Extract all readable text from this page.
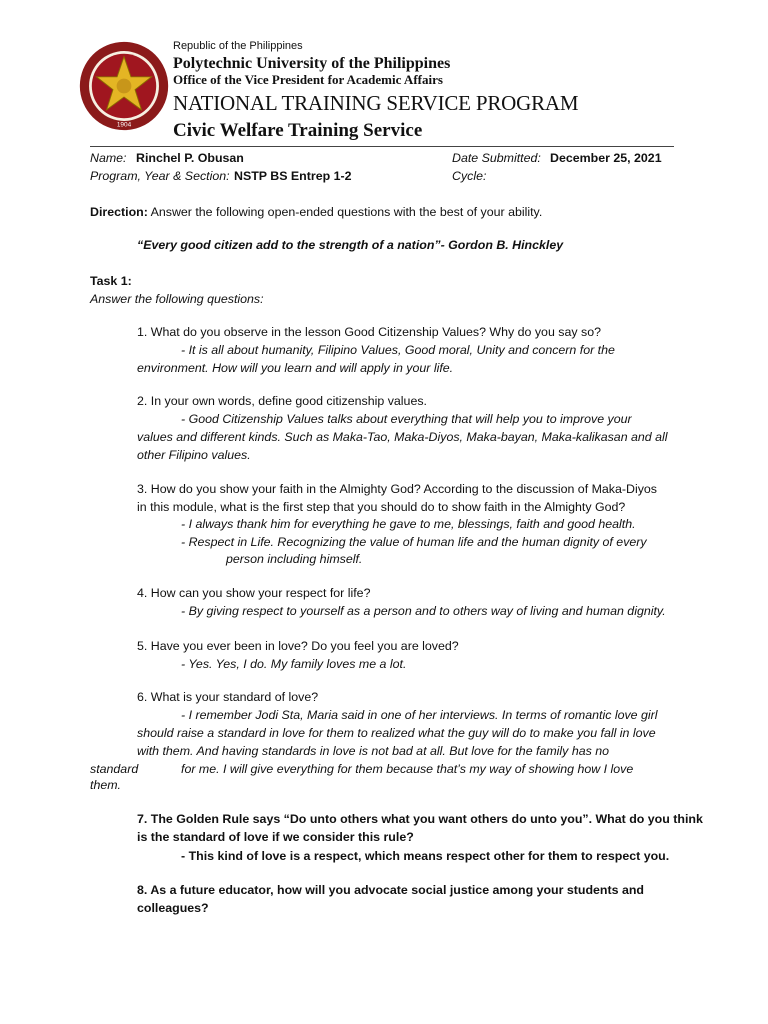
1904
Republic of the Philippines
Polytechnic University of the Philippines
Office of the Vice President for Academic Affairs
NATIONAL TRAINING SERVICE PROGRAM
Civic Welfare Training Service
Name: Rinchel P. Obusan	Date Submitted: December 25, 2021
Program, Year & Section: NSTP BS Entrep 1-2	Cycle:
Direction: Answer the following open-ended questions with the best of your ability.
“Every good citizen add to the strength of a nation”- Gordon B. Hinckley
Task 1:
Answer the following questions:
1. What do you observe in the lesson Good Citizenship Values? Why do you say so?
- It is all about humanity, Filipino Values, Good moral, Unity and concern for the
environment. How will you learn and will apply in your life.
2. In your own words, define good citizenship values.
- Good Citizenship Values talks about everything that will help you to improve your
values and different kinds. Such as Maka-Tao, Maka-Diyos, Maka-bayan, Maka-kalikasan and all
other Filipino values.
3. How do you show your faith in the Almighty God? According to the discussion of Maka-Diyos
in this module, what is the first step that you should do to show faith in the Almighty God?
- I always thank him for everything he gave to me, blessings, faith and good health.
- Respect in Life. Recognizing the value of human life and the human dignity of every
person including himself.
4. How can you show your respect for life?
- By giving respect to yourself as a person and to others way of living and human dignity.
5. Have you ever been in love? Do you feel you are loved?
- Yes. Yes, I do. My family loves me a lot.
6. What is your standard of love?
- I remember Jodi Sta, Maria said in one of her interviews. In terms of romantic love girl
should raise a standard in love for them to realized what the guy will do to make you fall in love
with them. And having standards in love is not bad at all. But love for the family has no
standard	for me. I will give everything for them because that’s my way of showing how I love
them.
7. The Golden Rule says “Do unto others what you want others do unto you”. What do you think
is the standard of love if we consider this rule?
- This kind of love is a respect, which means respect other for them to respect you.
8. As a future educator, how will you advocate social justice among your students and
colleagues?
